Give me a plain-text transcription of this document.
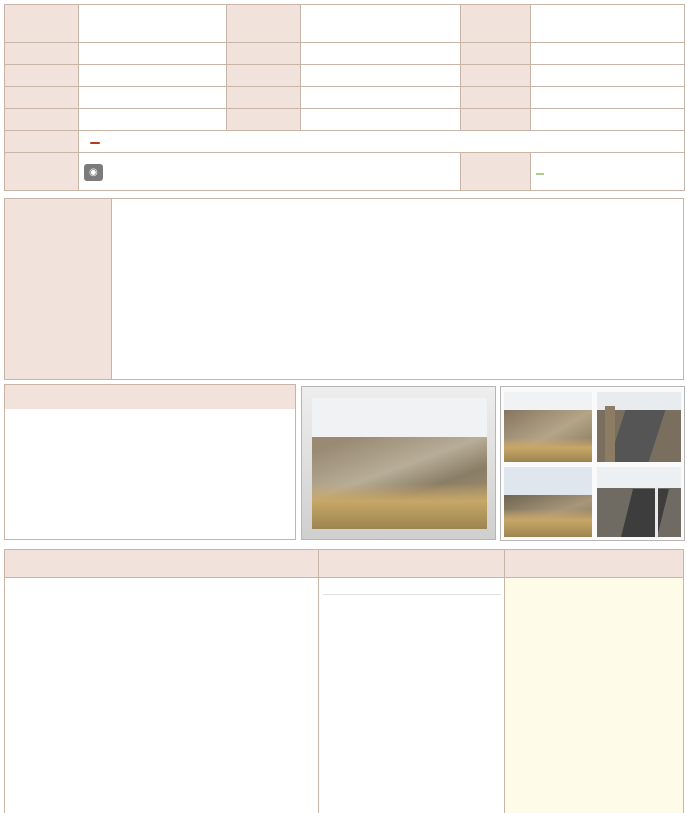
◉				
